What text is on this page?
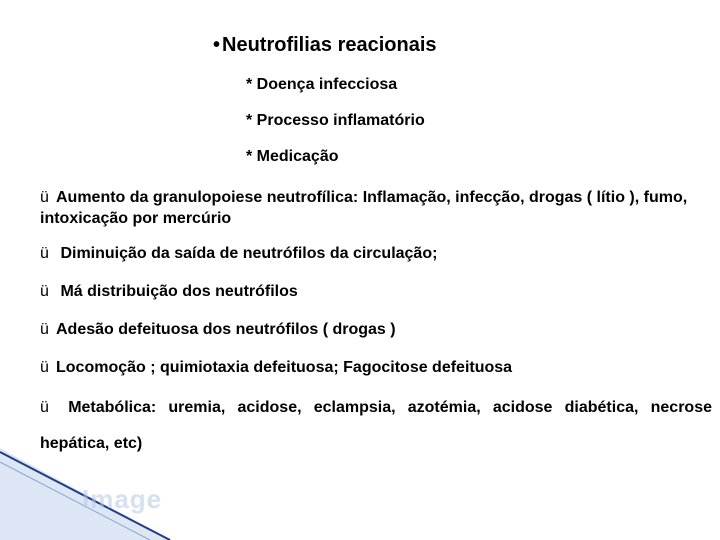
• Neutrofilias reacionais
* Doença infecciosa
* Processo inflamatório
* Medicação
ü Aumento da granulopoiese neutrofílica: Inflamação, infecção, drogas ( lítio ), fumo, intoxicação por mercúrio
ü Diminuição da saída de neutrófilos da circulação;
ü Má distribuição dos neutrófilos
ü Adesão defeituosa dos neutrófilos ( drogas )
ü Locomoção ; quimiotaxia defeituosa; Fagocitose defeituosa
ü Metabólica: uremia, acidose, eclampsia, azotémia, acidose diabética, necrose hepática, etc)
Image
